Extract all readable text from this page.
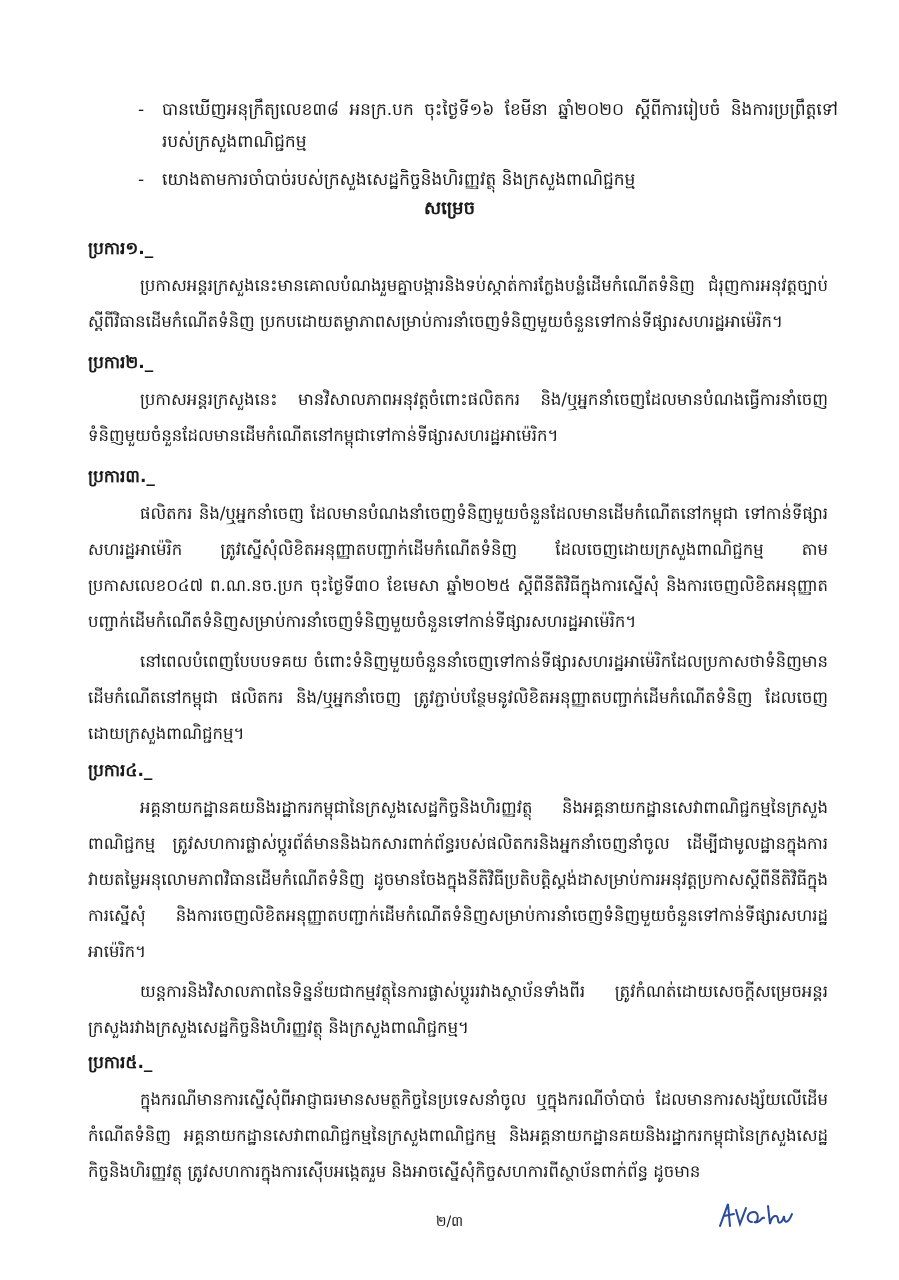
-	បានឃើញអនុក្រឹត្យលេខ៣៨ អនក្រ.បក ចុះថ្ងៃទី១៦ ខែមីនា ឆ្នាំ២០២០ ស្តីពីការរៀបចំ និងការប្រព្រឹត្តទៅរបស់ក្រសួងពាណិជ្ជកម្ម
-	យោងតាមការចាំបាច់របស់ក្រសួងសេដ្ឋកិច្ចនិងហិរញ្ញវត្ថុ និងក្រសួងពាណិជ្ជកម្ម
សម្រេច
ប្រការ១._

ប្រកាសអន្តរក្រសួងនេះមានគោលបំណងរួមគ្នាបង្ការនិងទប់ស្កាត់ការក្លែងបន្លំដើមកំណើតទំនិញ ជំរុញការអនុវត្តច្បាប់ស្តីពីវិធានដើមកំណើតទំនិញ ប្រកបដោយតម្លាភាពសម្រាប់ការនាំចេញទំនិញមួយចំនួនទៅកាន់ទីផ្សារសហរដ្ឋអាម៉េរិក។

ប្រការ២._

ប្រកាសអន្តរក្រសួងនេះ មានវិសាលភាពអនុវត្តចំពោះផលិតករ និង/ឬអ្នកនាំចេញដែលមានបំណងធ្វើការនាំចេញទំនិញមួយចំនួនដែលមានដើមកំណើតនៅកម្ពុជាទៅកាន់ទីផ្សារសហរដ្ឋអាម៉េរិក។

ប្រការ៣._

ផលិតករ និង/ឬអ្នកនាំចេញ ដែលមានបំណងនាំចេញទំនិញមួយចំនួនដែលមានដើមកំណើតនៅកម្ពុជា ទៅកាន់ទីផ្សារសហរដ្ឋអាម៉េរិក ត្រូវស្នើសុំលិខិតអនុញ្ញាតបញ្ជាក់ដើមកំណើតទំនិញ ដែលចេញដោយក្រសួងពាណិជ្ជកម្ម តាមប្រកាសលេខ០៤៧ ព.ណ.នច.ប្រក ចុះថ្ងៃទី៣០ ខែមេសា ឆ្នាំ២០២៥ ស្តីពីនីតិវិធីក្នុងការស្នើសុំ និងការចេញលិខិតអនុញ្ញាតបញ្ជាក់ដើមកំណើតទំនិញសម្រាប់ការនាំចេញទំនិញមួយចំនួនទៅកាន់ទីផ្សារសហរដ្ឋអាម៉េរិក។

នៅពេលបំពេញបែបបទគយ ចំពោះទំនិញមួយចំនួននាំចេញទៅកាន់ទីផ្សារសហរដ្ឋអាម៉េរិកដែលប្រកាសថាទំនិញមានដើមកំណើតនៅកម្ពុជា ផលិតករ និង/ឬអ្នកនាំចេញ ត្រូវភ្ជាប់បន្ថែមនូវលិខិតអនុញ្ញាតបញ្ជាក់ដើមកំណើតទំនិញ ដែលចេញដោយក្រសួងពាណិជ្ជកម្ម។

ប្រការ៤._

អគ្គនាយកដ្ឋានគយនិងរដ្ឋាករកម្ពុជានៃក្រសួងសេដ្ឋកិច្ចនិងហិរញ្ញវត្ថុ និងអគ្គនាយកដ្ឋានសេវាពាណិជ្ជកម្មនៃក្រសួងពាណិជ្ជកម្ម ត្រូវសហការផ្លាស់ប្តូរព័ត៌មាននិងឯកសារពាក់ព័ន្ធរបស់ផលិតករនិងអ្នកនាំចេញនាំចូល ដើម្បីជាមូលដ្ឋានក្នុងការវាយតម្លៃអនុលោមភាពវិធានដើមកំណើតទំនិញ ដូចមានចែងក្នុងនីតិវិធីប្រតិបត្តិស្តង់ដាសម្រាប់ការអនុវត្តប្រកាសស្តីពីនីតិវិធីក្នុងការស្នើសុំ និងការចេញលិខិតអនុញ្ញាតបញ្ជាក់ដើមកំណើតទំនិញសម្រាប់ការនាំចេញទំនិញមួយចំនួនទៅកាន់ទីផ្សារសហរដ្ឋអាម៉េរិក។

យន្តការនិងវិសាលភាពនៃទិន្នន័យជាកម្មវត្ថុនៃការផ្លាស់ប្តូររវាងស្ថាប័នទាំងពីរ ត្រូវកំណត់ដោយសេចក្តីសម្រេចអន្តរក្រសួងរវាងក្រសួងសេដ្ឋកិច្ចនិងហិរញ្ញវត្ថុ និងក្រសួងពាណិជ្ជកម្ម។

ប្រការ៥._

ក្នុងករណីមានការស្នើសុំពីអាជ្ញាធរមានសមត្ថកិច្ចនៃប្រទេសនាំចូល ឬក្នុងករណីចាំបាច់ ដែលមានការសង្ស័យលើដើមកំណើតទំនិញ អគ្គនាយកដ្ឋានសេវាពាណិជ្ជកម្មនៃក្រសួងពាណិជ្ជកម្ម និងអគ្គនាយកដ្ឋានគយនិងរដ្ឋាករកម្ពុជានៃក្រសួងសេដ្ឋកិច្ចនិងហិរញ្ញវត្ថុ ត្រូវសហការក្នុងការស៊ើបអង្កេតរួម និងអាចស្នើសុំកិច្ចសហការពីស្ថាប័នពាក់ព័ន្ធ ដូចមាន

២/៣
